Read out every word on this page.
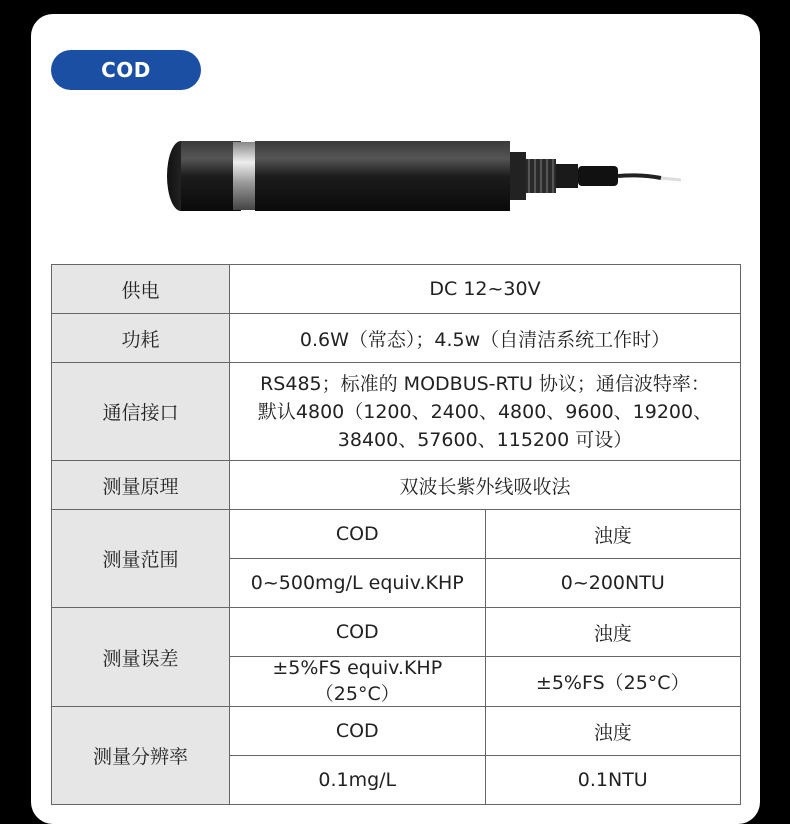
COD
供电	DC 12~30V	
功耗	0.6W（常态）；4.5w（自清洁系统工作时）	
通信接口	RS485；标准的 MODBUS-RTU 协议；通信波特率：
默认4800（1200、2400、4800、9600、19200、
38400、57600、115200 可设）	

测量原理	双波长紫外线吸收法	
测量范围	COD	浊度
	0~500mg/L equiv.KHP	0~200NTU
测量误差	COD	浊度
	±5%FS equiv.KHP（25°C）	±5%FS（25°C）
测量分辨率	COD	浊度
	0.1mg/L	0.1NTU
